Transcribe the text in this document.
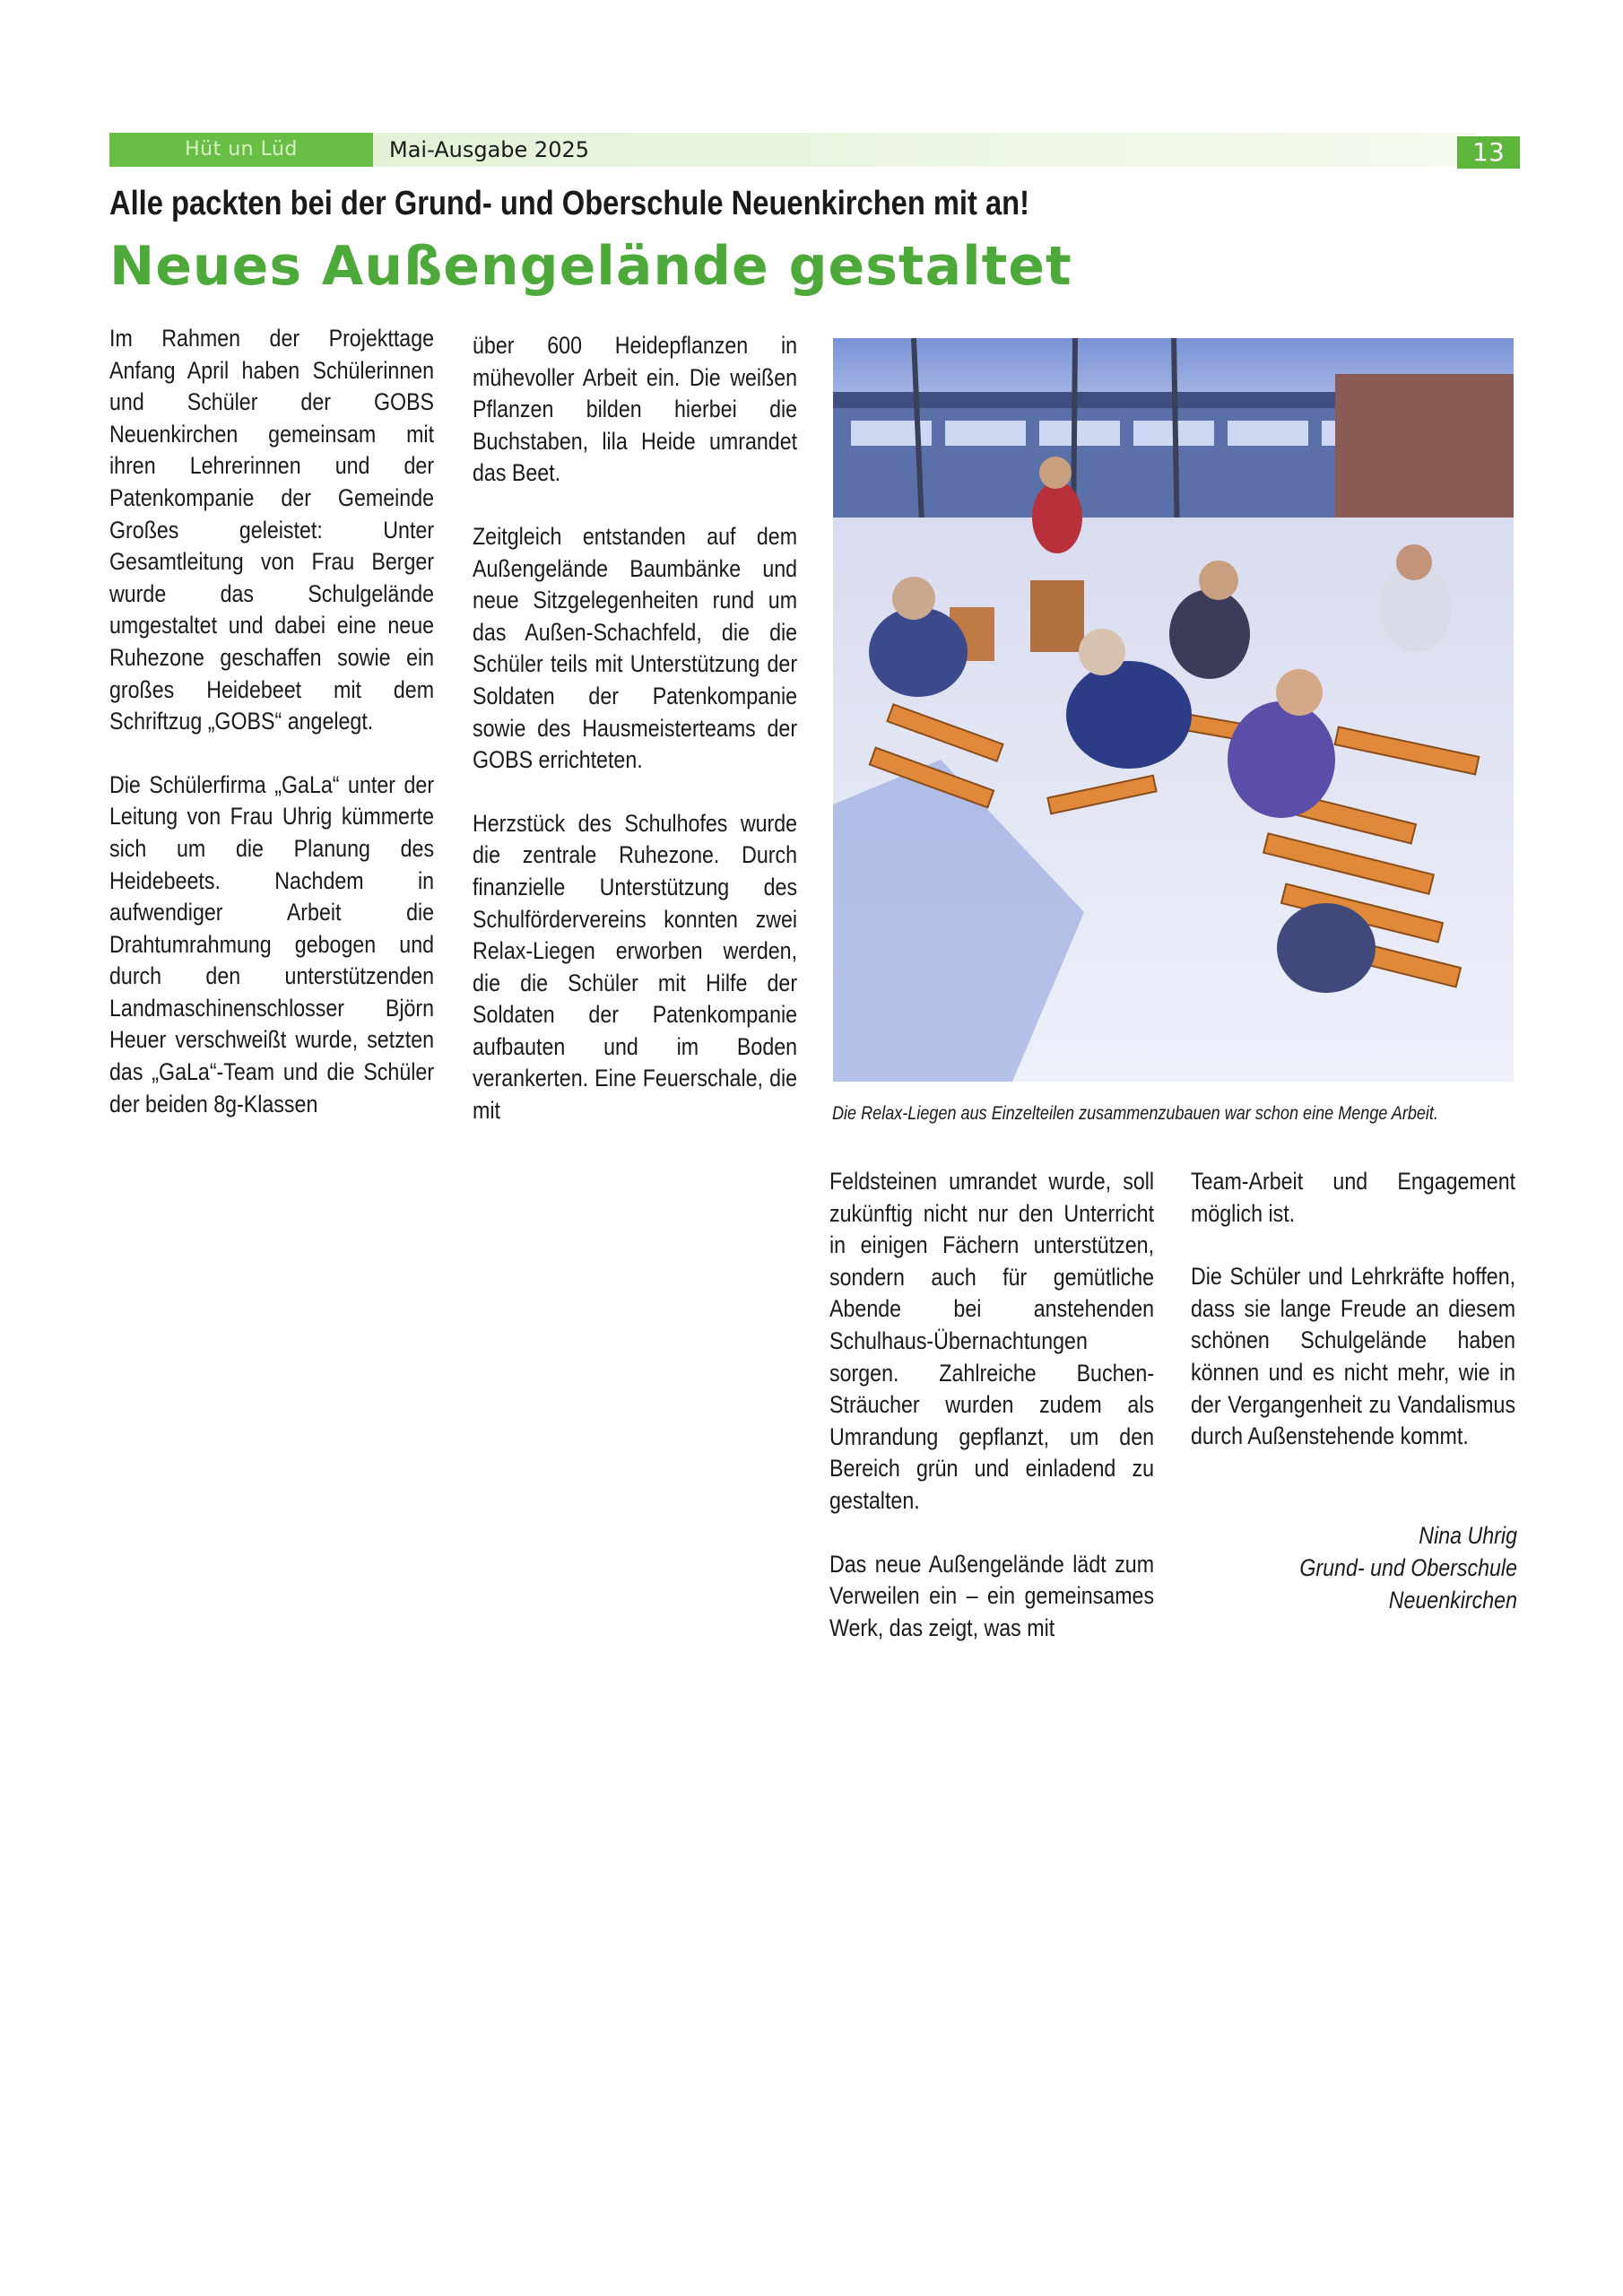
Hüt un Lüd	Mai-Ausgabe 2025	13
Alle packten bei der Grund- und Oberschule Neuenkirchen mit an!
Neues Außengelände gestaltet

Im Rahmen der Projekttage Anfang April haben Schülerinnen und Schüler der GOBS Neuenkirchen gemeinsam mit ihren Lehrerinnen und der Patenkompanie der Gemeinde Großes geleistet: Unter Gesamtleitung von Frau Berger wurde das Schulgelände umgestaltet und dabei eine neue Ruhezone geschaffen sowie ein großes Heidebeet mit dem Schriftzug „GOBS“ angelegt.

Die Schülerfirma „GaLa“ unter der Leitung von Frau Uhrig kümmerte sich um die Planung des Heidebeets. Nachdem in aufwendiger Arbeit die Drahtumrahmung gebogen und durch den unterstützenden Landmaschinenschlosser Björn Heuer verschweißt wurde, setzten das „GaLa“-Team und die Schüler der beiden 8g-Klassen

über 600 Heidepflanzen in mühevoller Arbeit ein. Die weißen Pflanzen bilden hierbei die Buchstaben, lila Heide umrandet das Beet.

Zeitgleich entstanden auf dem Außengelände Baumbänke und neue Sitzgelegenheiten rund um das Außen-Schachfeld, die die Schüler teils mit Unterstützung der Soldaten der Patenkompanie sowie des Hausmeisterteams der GOBS errichteten.

Herzstück des Schulhofes wurde die zentrale Ruhezone. Durch finanzielle Unterstützung des Schulfördervereins konnten zwei Relax-Liegen erworben werden, die die Schüler mit Hilfe der Soldaten der Patenkompanie aufbauten und im Boden verankerten. Eine Feuerschale, die mit	Die Relax-Liegen aus Einzelteilen zusammenzubauen war schon eine Menge Arbeit.

Feldsteinen umrandet wurde, soll zukünftig nicht nur den Unterricht in einigen Fächern unterstützen, sondern auch für gemütliche Abende bei anstehenden Schulhaus-Übernachtungen sorgen. Zahlreiche Buchen-Sträucher wurden zudem als Umrandung gepflanzt, um den Bereich grün und einladend zu gestalten.

Das neue Außengelände lädt zum Verweilen ein – ein gemeinsames Werk, das zeigt, was mit

Team-Arbeit und Engagement möglich ist.

Die Schüler und Lehrkräfte hoffen, dass sie lange Freude an diesem schönen Schulgelände haben können und es nicht mehr, wie in der Vergangenheit zu Vandalismus durch Außenstehende kommt.

Nina Uhrig
Grund- und Oberschule
Neuenkirchen
